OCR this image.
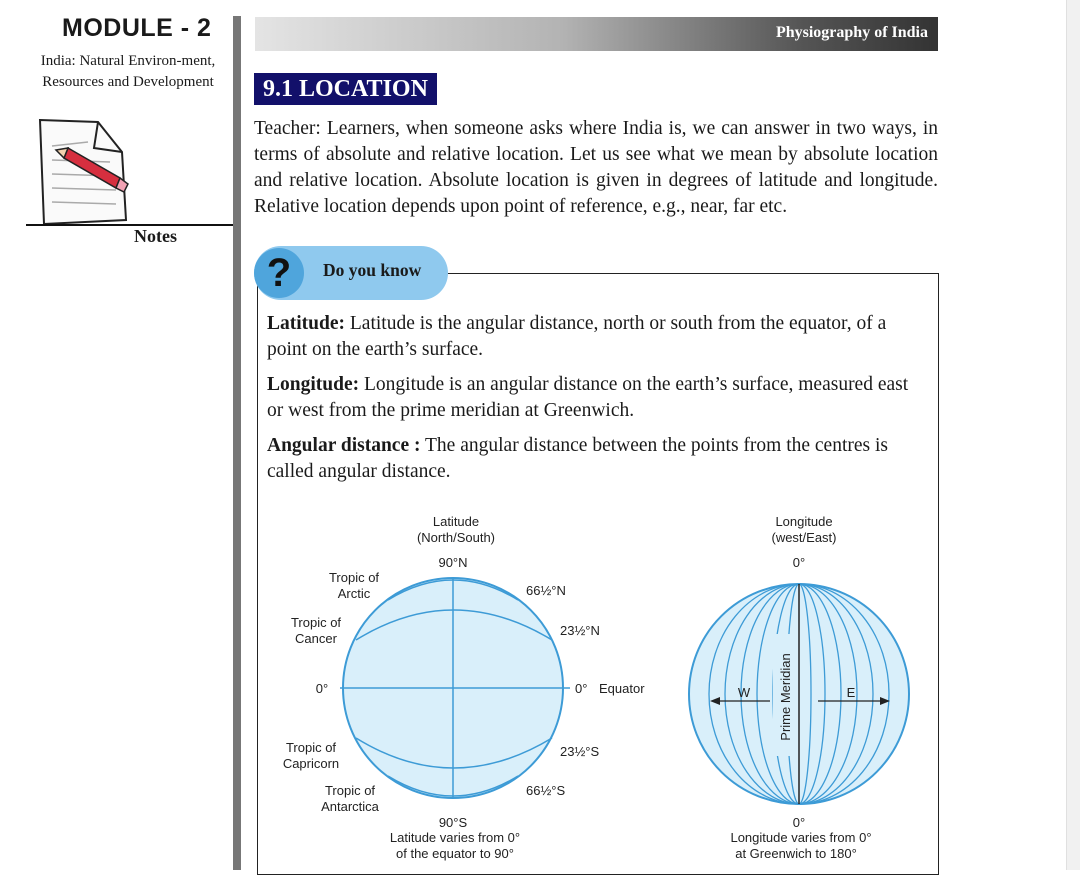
MODULE - 2
India: Natural Environ-ment, Resources and Development
Notes
Physiography of India
9.1 LOCATION
Teacher: Learners, when someone asks where India is, we can answer in two ways, in terms of absolute and relative location. Let us see what we mean by absolute location and relative location. Absolute location is given in degrees of latitude and longitude. Relative location depends upon point of reference, e.g., near, far etc.
?	Do you know
Latitude: Latitude is the angular distance, north or south from the equator, of a point on the earth’s surface.
Longitude: Longitude is an angular distance on the earth’s surface, measured east or west from the prime meridian at Greenwich.
Angular distance : The angular distance between the points from the centres is called angular distance.
Latitude
(North/South)
90°N
Tropic of
Arctic
Tropic of
Cancer
0°
Tropic of
Capricorn
Tropic of
Antarctica
66½°N
23½°N
0° Equator
23½°S
66½°S
90°S
Latitude varies from 0°
of the equator to 90°
Longitude
(west/East)
0°
W	E
Prime Meridian
0°
Longitude varies from 0°
at Greenwich to 180°
